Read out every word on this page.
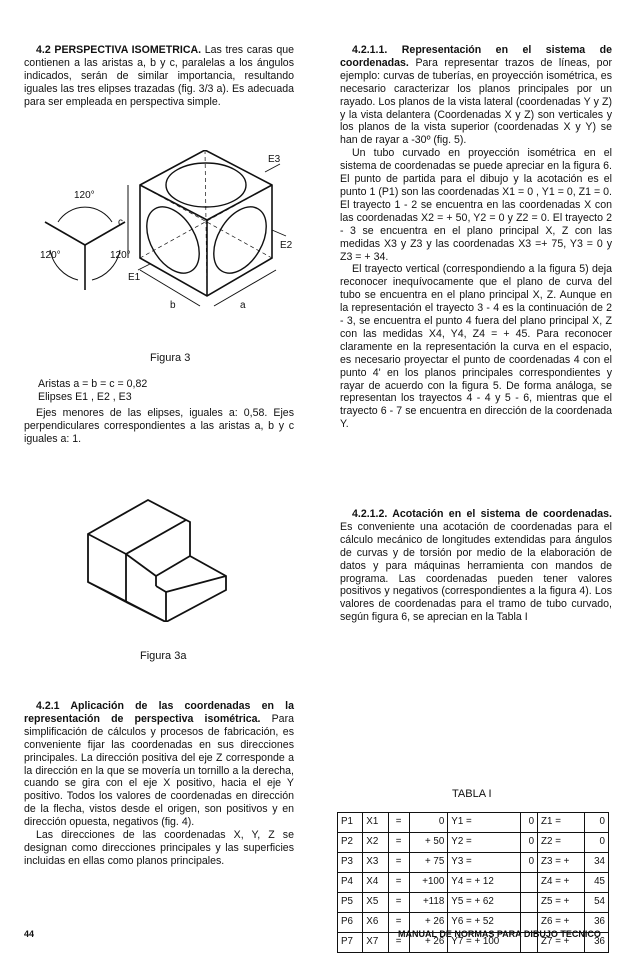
4.2 PERSPECTIVA ISOMETRICA. Las tres caras que contienen a las aristas a, b y c, paralelas a los ángulos indicados, serán de similar importancia, resultando iguales las tres elipses trazadas (fig. 3/3 a). Es adecuada para ser empleada en perspectiva simple.

120°
120°	120°
E3
E2
E1
c
b	a
Figura 3

Aristas a = b = c = 0,82

Elipses E1 , E2 , E3

Ejes menores de las elipses, iguales a: 0,58. Ejes perpendiculares correspondientes a las aristas a, b y c iguales a: 1.

Figura 3a

4.2.1 Aplicación de las coordenadas en la representación de perspectiva isométrica. Para simplificación de cálculos y procesos de fabricación, es conveniente fijar las coordenadas en sus direcciones principales. La dirección positiva del eje Z corresponde a la dirección en la que se movería un tornillo a la derecha, cuando se gira con el eje X positivo, hacia el eje Y positivo. Todos los valores de coordenadas en dirección de la flecha, vistos desde el origen, son positivos y en dirección opuesta, negativos (fig. 4).

Las direcciones de las coordenadas X, Y, Z se designan como direcciones principales y las superficies incluidas en ellas como planos principales.

4.2.1.1. Representación en el sistema de coordenadas. Para representar trazos de líneas, por ejemplo: curvas de tuberías, en proyección isométrica, es necesario caracterizar los planos principales por un rayado. Los planos de la vista lateral (coordenadas Y y Z) y la vista delantera (Coordenadas X y Z) son verticales y los planos de la vista superior (coordenadas X y Y) se han de rayar a -30º (fig. 5).

Un tubo curvado en proyección isométrica en el sistema de coordenadas se puede apreciar en la figura 6. El punto de partida para el dibujo y la acotación es el punto 1 (P1) son las coordenadas X1 = 0 , Y1 = 0, Z1 = 0. El trayecto 1 - 2 se encuentra en las coordenadas X con las coordenadas X2 = + 50, Y2 = 0 y Z2 = 0. El trayecto 2 - 3 se encuentra en el plano principal X, Z con las medidas X3 y Z3 y las coordenadas X3 =+ 75, Y3 = 0 y Z3 = + 34.

El trayecto vertical (correspondiendo a la figura 5) deja reconocer inequívocamente que el plano de curva del tubo se encuentra en el plano principal X, Z. Aunque en la representación el trayecto 3 - 4 es la continuación de 2 - 3, se encuentra el punto 4 fuera del plano principal X, Z con las medidas X4, Y4, Z4 = + 45. Para reconocer claramente en la representación la curva en el espacio, es necesario proyectar el punto de coordenadas 4 con el punto 4' en los planos principales correspondientes y rayar de acuerdo con la figura 5. De forma análoga, se representan los trayectos 4 - 4 y 5 - 6, mientras que el trayecto 6 - 7 se encuentra en dirección de la coordenada Y.

4.2.1.2. Acotación en el sistema de coordenadas. Es conveniente una acotación de coordenadas para el cálculo mecánico de longitudes extendidas para ángulos de curvas y de torsión por medio de la elaboración de datos y para máquinas herramienta con mandos de programa. Las coordenadas pueden tener valores positivos y negativos (correspondientes a la figura 4). Los valores de coordenadas para el tramo de tubo curvado, según figura 6, se aprecian en la Tabla I

TABLA I
P1	X1	=	0	Y1 =	0	Z1 =	0
P2	X2	=	+ 50	Y2 =	0	Z2 =	0
P3	X3	=	+ 75	Y3 =	0	Z3 = +	34
P4	X4	=	+100	Y4 = + 12		Z4 = +	45
P5	X5	=	+118	Y5 = + 62		Z5 = +	54
P6	X6	=	+ 26	Y6 = + 52		Z6 = +	36
P7	X7	=	+ 26	Y7 = + 100		Z7 = +	36
44	MANUAL DE NORMAS PARA DIBUJO TECNICO
